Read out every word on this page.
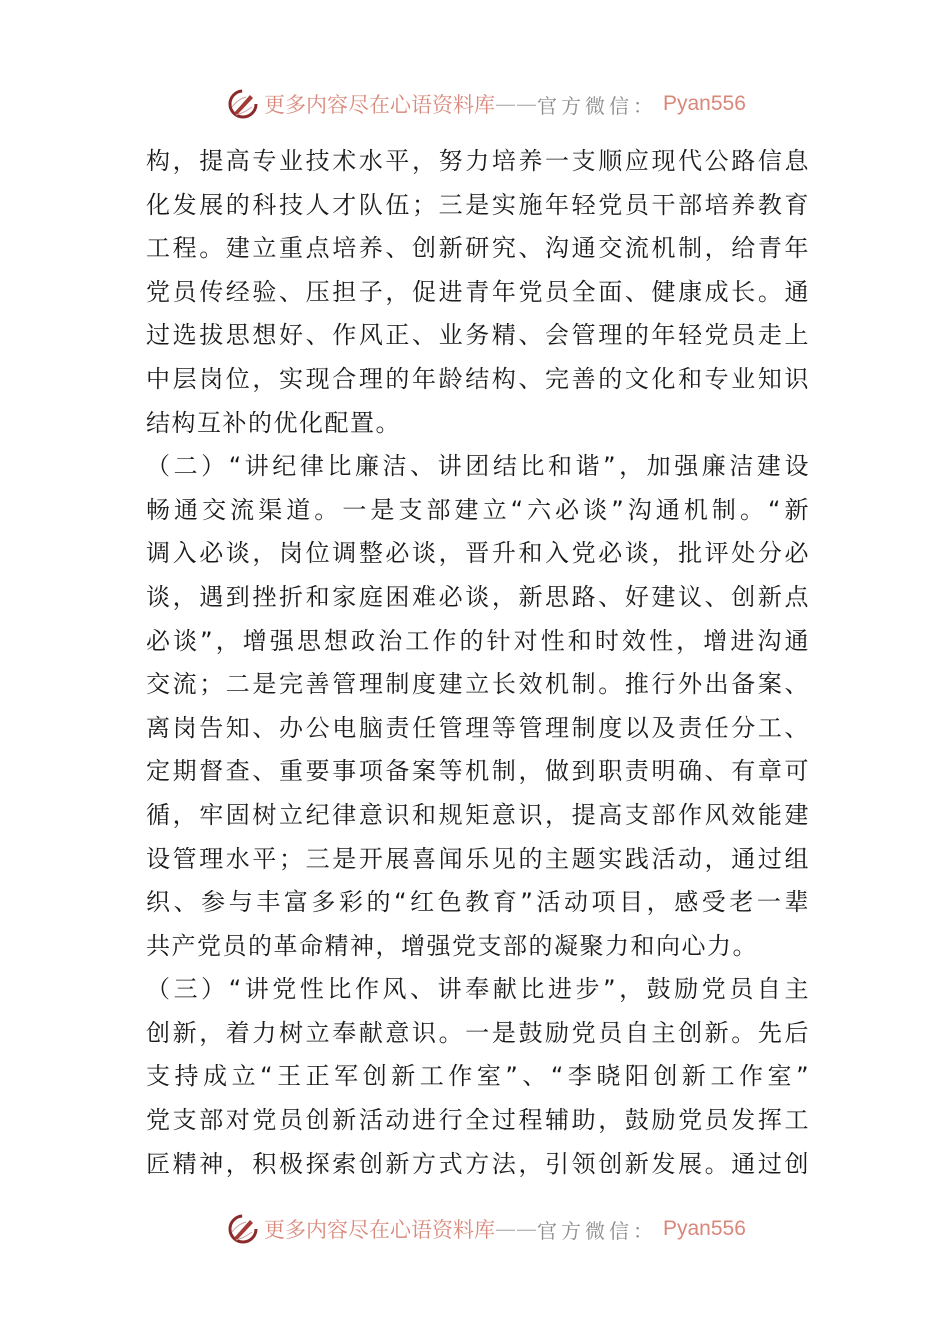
更多内容尽在心语资料库 — — 官方微信： Pyan556
构，提高专业技术水平，努力培养一支顺应现代公路信息
化发展的科技人才队伍；三是实施年轻党员干部培养教育
工程。建立重点培养、创新研究、沟通交流机制，给青年
党员传经验、压担子，促进青年党员全面、健康成长。通
过选拔思想好、作风正、业务精、会管理的年轻党员走上
中层岗位，实现合理的年龄结构、完善的文化和专业知识
结构互补的优化配置。
（二）“讲纪律比廉洁、讲团结比和谐”，加强廉洁建设
畅通交流渠道。一是支部建立“六必谈”沟通机制。“新
调入必谈，岗位调整必谈，晋升和入党必谈，批评处分必
谈，遇到挫折和家庭困难必谈，新思路、好建议、创新点
必谈”，增强思想政治工作的针对性和时效性，增进沟通
交流；二是完善管理制度建立长效机制。推行外出备案、
离岗告知、办公电脑责任管理等管理制度以及责任分工、
定期督查、重要事项备案等机制，做到职责明确、有章可
循，牢固树立纪律意识和规矩意识，提高支部作风效能建
设管理水平；三是开展喜闻乐见的主题实践活动，通过组
织、参与丰富多彩的“红色教育”活动项目，感受老一辈
共产党员的革命精神，增强党支部的凝聚力和向心力。
（三）“讲党性比作风、讲奉献比进步”，鼓励党员自主
创新，着力树立奉献意识。一是鼓励党员自主创新。先后
支持成立“王正军创新工作室”、“李晓阳创新工作室”
党支部对党员创新活动进行全过程辅助，鼓励党员发挥工
匠精神，积极探索创新方式方法，引领创新发展。通过创
更多内容尽在心语资料库 — — 官方微信： Pyan556
